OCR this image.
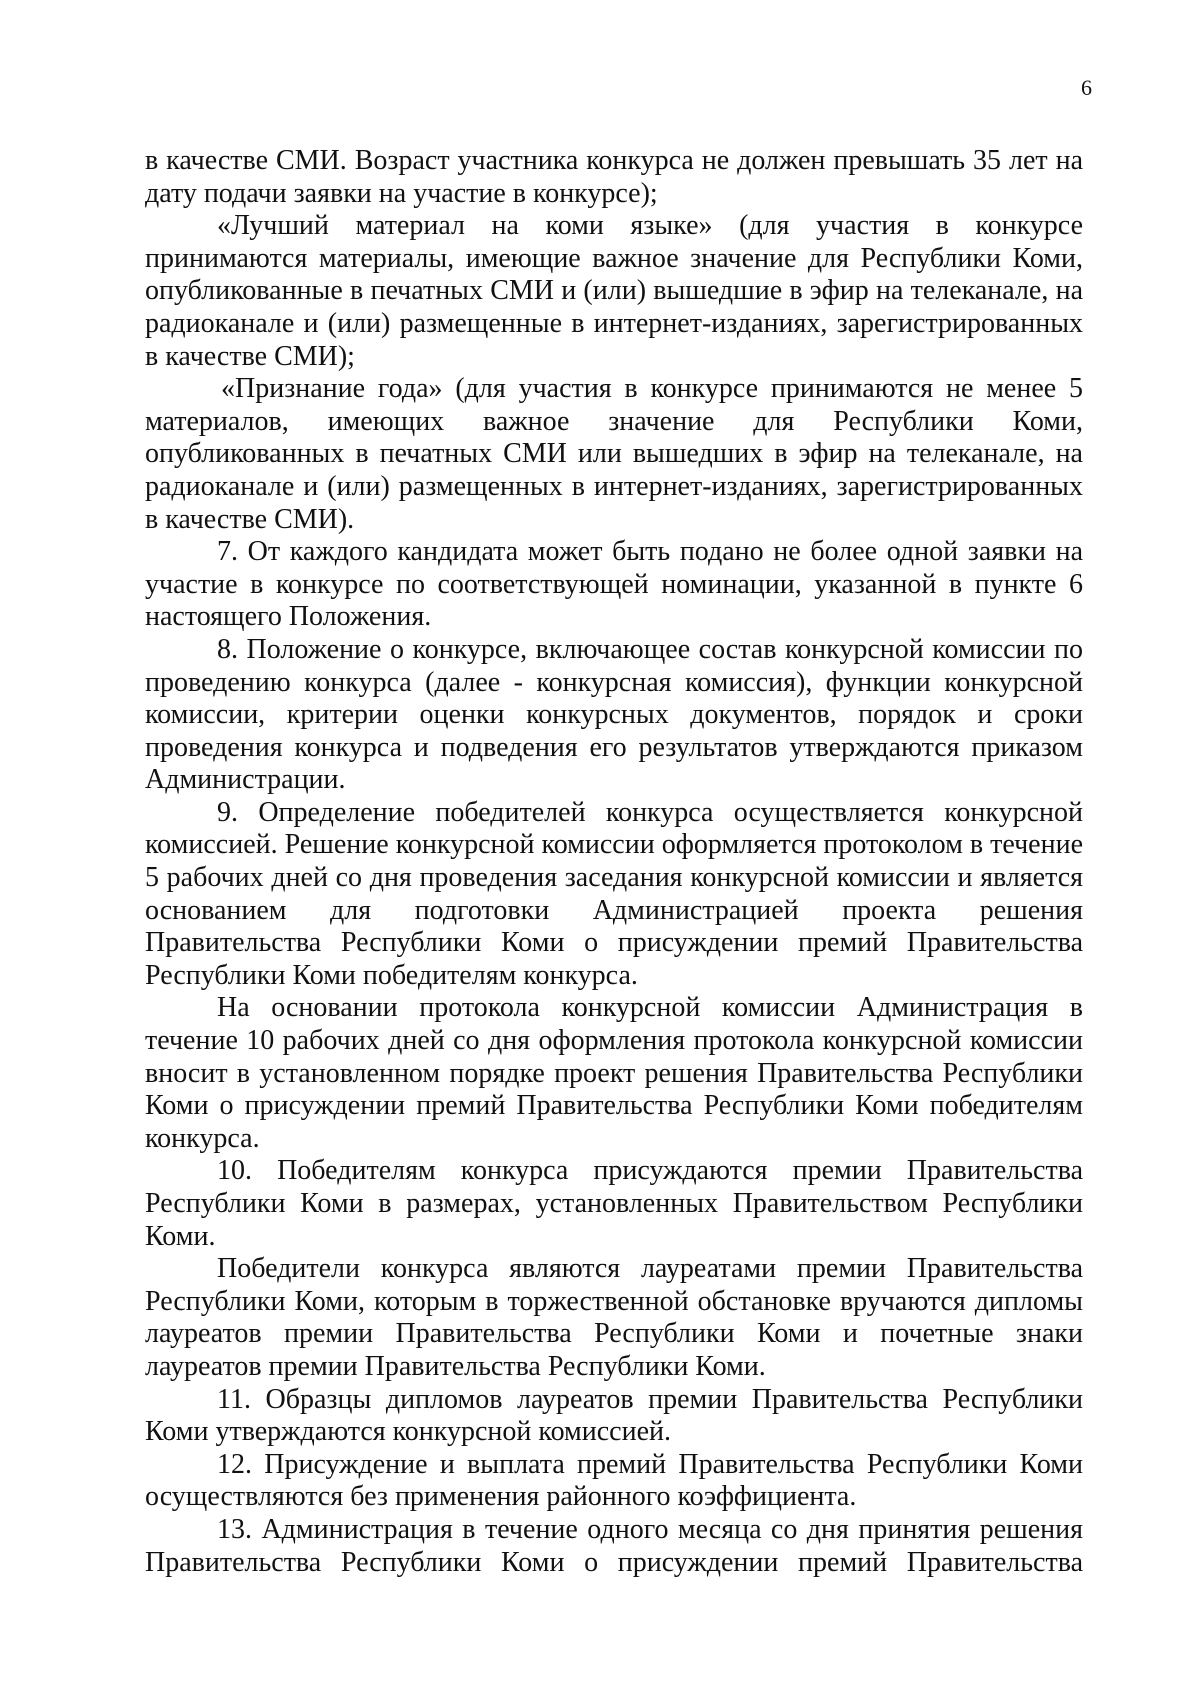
6

в качестве СМИ. Возраст участника конкурса не должен превышать 35 лет на дату подачи заявки на участие в конкурсе);

«Лучший материал на коми языке» (для участия в конкурсе принимаются материалы, имеющие важное значение для Республики Коми, опубликованные в печатных СМИ и (или) вышедшие в эфир на телеканале, на радиоканале и (или) размещенные в интернет-изданиях, зарегистрированных в качестве СМИ);

«Признание года» (для участия в конкурсе принимаются не менее 5 материалов, имеющих важное значение для Республики Коми, опубликованных в печатных СМИ или вышедших в эфир на телеканале, на радиоканале и (или) размещенных в интернет-изданиях, зарегистрированных в качестве СМИ).

7. От каждого кандидата может быть подано не более одной заявки на участие в конкурсе по соответствующей номинации, указанной в пункте 6 настоящего Положения.

8. Положение о конкурсе, включающее состав конкурсной комиссии по проведению конкурса (далее - конкурсная комиссия), функции конкурсной комиссии, критерии оценки конкурсных документов, порядок и сроки проведения конкурса и подведения его результатов утверждаются приказом Администрации.

9. Определение победителей конкурса осуществляется конкурсной комиссией. Решение конкурсной комиссии оформляется протоколом в течение 5 рабочих дней со дня проведения заседания конкурсной комиссии и является основанием для подготовки Администрацией проекта решения Правительства Республики Коми о присуждении премий Правительства Республики Коми победителям конкурса.

На основании протокола конкурсной комиссии Администрация в течение 10 рабочих дней со дня оформления протокола конкурсной комиссии вносит в установленном порядке проект решения Правительства Республики Коми о присуждении премий Правительства Республики Коми победителям конкурса.

10. Победителям конкурса присуждаются премии Правительства Республики Коми в размерах, установленных Правительством Республики Коми.

Победители конкурса являются лауреатами премии Правительства Республики Коми, которым в торжественной обстановке вручаются дипломы лауреатов премии Правительства Республики Коми и почетные знаки лауреатов премии Правительства Республики Коми.

11. Образцы дипломов лауреатов премии Правительства Республики Коми утверждаются конкурсной комиссией.

12. Присуждение и выплата премий Правительства Республики Коми осуществляются без применения районного коэффициента.

13. Администрация в течение одного месяца со дня принятия решения Правительства Республики Коми о присуждении премий Правительства
